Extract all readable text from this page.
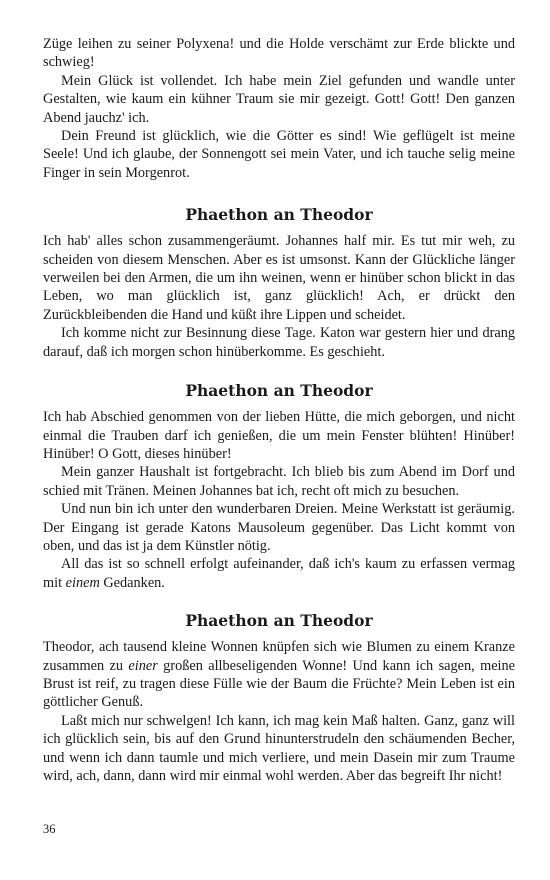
Züge leihen zu seiner Polyxena! und die Holde verschämt zur Erde blickte und schwieg!

Mein Glück ist vollendet. Ich habe mein Ziel gefunden und wandle unter Gestalten, wie kaum ein kühner Traum sie mir gezeigt. Gott! Gott! Den ganzen Abend jauchz' ich.

Dein Freund ist glücklich, wie die Götter es sind! Wie geflügelt ist meine Seele! Und ich glaube, der Sonnengott sei mein Vater, und ich tauche selig meine Finger in sein Morgenrot.

Phaethon an Theodor

Ich hab' alles schon zusammengeräumt. Johannes half mir. Es tut mir weh, zu scheiden von diesem Menschen. Aber es ist umsonst. Kann der Glückliche länger verweilen bei den Armen, die um ihn weinen, wenn er hinüber schon blickt in das Leben, wo man glücklich ist, ganz glücklich! Ach, er drückt den Zurückbleibenden die Hand und küßt ihre Lippen und scheidet.

Ich komme nicht zur Besinnung diese Tage. Katon war gestern hier und drang darauf, daß ich morgen schon hinüberkomme. Es geschieht.

Phaethon an Theodor

Ich hab Abschied genommen von der lieben Hütte, die mich geborgen, und nicht einmal die Trauben darf ich genießen, die um mein Fenster blühten! Hinüber! Hinüber! O Gott, dieses hinüber!

Mein ganzer Haushalt ist fortgebracht. Ich blieb bis zum Abend im Dorf und schied mit Tränen. Meinen Johannes bat ich, recht oft mich zu besuchen.

Und nun bin ich unter den wunderbaren Dreien. Meine Werkstatt ist geräumig. Der Eingang ist gerade Katons Mausoleum gegenüber. Das Licht kommt von oben, und das ist ja dem Künstler nötig.

All das ist so schnell erfolgt aufeinander, daß ich's kaum zu erfassen vermag mit einem Gedanken.

Phaethon an Theodor

Theodor, ach tausend kleine Wonnen knüpfen sich wie Blumen zu einem Kranze zusammen zu einer großen allbeseligenden Wonne! Und kann ich sagen, meine Brust ist reif, zu tragen diese Fülle wie der Baum die Früchte? Mein Leben ist ein göttlicher Genuß.

Laßt mich nur schwelgen! Ich kann, ich mag kein Maß halten. Ganz, ganz will ich glücklich sein, bis auf den Grund hinunterstrudeln den schäumenden Becher, und wenn ich dann taumle und mich verliere, und mein Dasein mir zum Traume wird, ach, dann, dann wird mir einmal wohl werden. Aber das begreift Ihr nicht!

36
